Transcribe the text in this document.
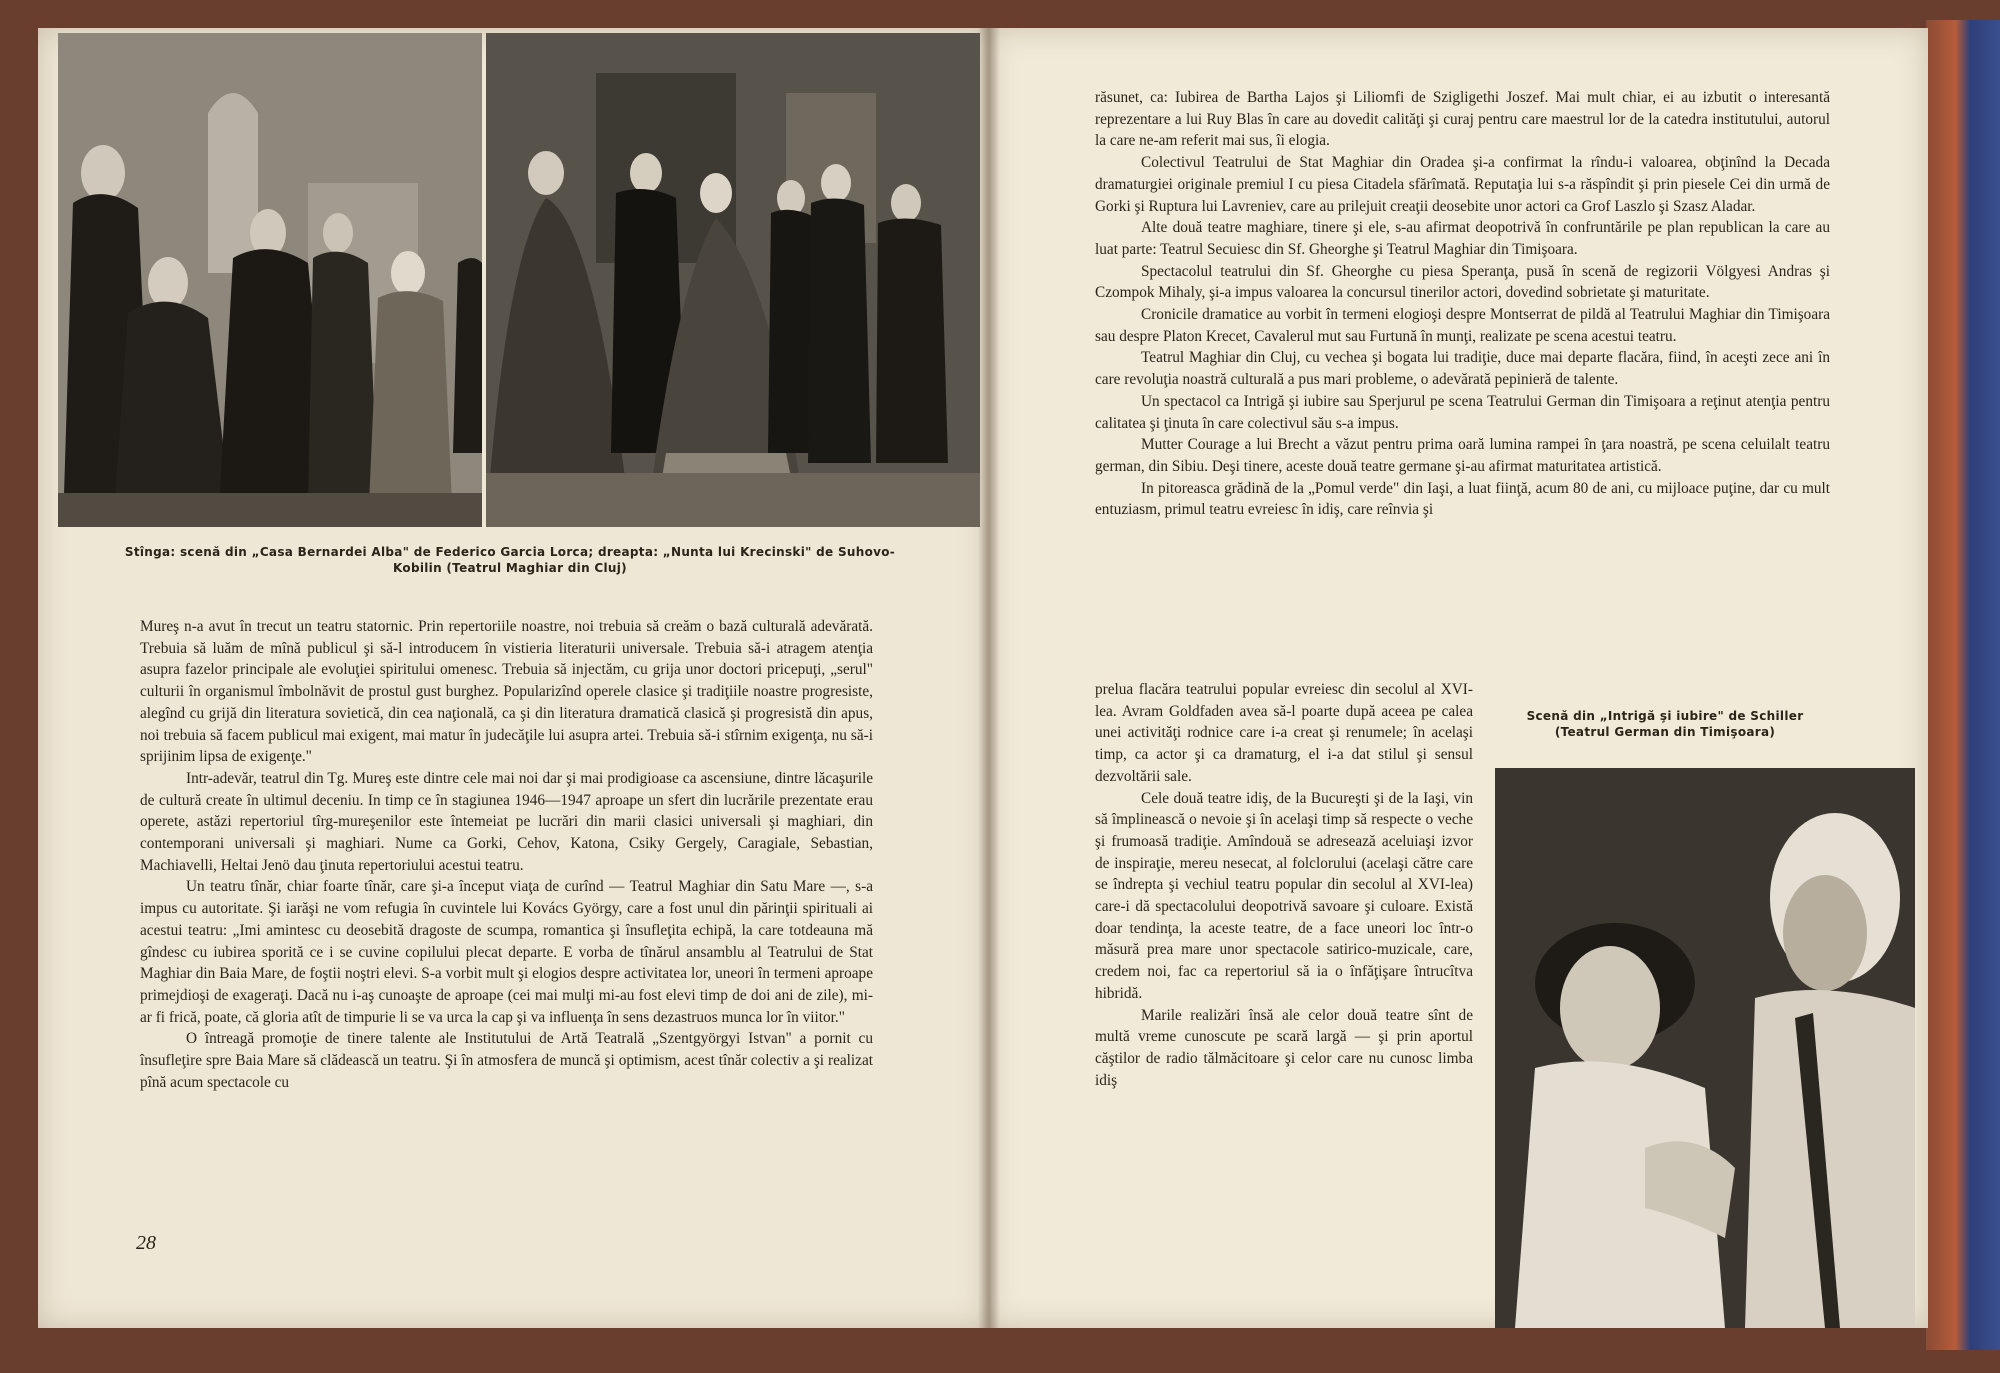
Stînga: scenă din „Casa Bernardei Alba" de Federico Garcia Lorca; dreapta: „Nunta lui Krecinski" de Suhovo-Kobilin (Teatrul Maghiar din Cluj)

Mureş n-a avut în trecut un teatru statornic. Prin repertoriile noastre, noi trebuia să creăm o bază culturală adevărată. Trebuia să luăm de mînă publicul şi să-l introducem în vistieria literaturii universale. Trebuia să-i atragem atenţia asupra fazelor principale ale evoluţiei spiritului omenesc. Trebuia să injectăm, cu grija unor doctori pricepuţi, „serul" culturii în organismul îmbolnăvit de prostul gust burghez. Popularizînd operele clasice şi tradiţiile noastre progresiste, alegînd cu grijă din literatura sovietică, din cea naţională, ca şi din literatura dramatică clasică şi progresistă din apus, noi trebuia să facem publicul mai exigent, mai matur în judecăţile lui asupra artei. Trebuia să-i stîrnim exigenţa, nu să-i sprijinim lipsa de exigenţe."

Intr-adevăr, teatrul din Tg. Mureş este dintre cele mai noi dar şi mai prodigioase ca ascensiune, dintre lăcaşurile de cultură create în ultimul deceniu. In timp ce în stagiunea 1946—1947 aproape un sfert din lucrările prezentate erau operete, astăzi repertoriul tîrg-mureşenilor este întemeiat pe lucrări din marii clasici universali şi maghiari, din contemporani universali şi maghiari. Nume ca Gorki, Cehov, Katona, Csiky Gergely, Caragiale, Sebastian, Machiavelli, Heltai Jenö dau ţinuta repertoriului acestui teatru.

Un teatru tînăr, chiar foarte tînăr, care şi-a început viaţa de curînd — Teatrul Maghiar din Satu Mare —, s-a impus cu autoritate. Şi iarăşi ne vom refugia în cuvintele lui Kovács György, care a fost unul din părinţii spirituali ai acestui teatru: „Imi amintesc cu deosebită dragoste de scumpa, romantica şi însufleţita echipă, la care totdeauna mă gîndesc cu iubirea sporită ce i se cuvine copilului plecat departe. E vorba de tînărul ansamblu al Teatrului de Stat Maghiar din Baia Mare, de foştii noştri elevi. S-a vorbit mult şi elogios despre activitatea lor, uneori în termeni aproape primejdioşi de exageraţi. Dacă nu i-aş cunoaşte de aproape (cei mai mulţi mi-au fost elevi timp de doi ani de zile), mi-ar fi frică, poate, că gloria atît de timpurie li se va urca la cap şi va influenţa în sens dezastruos munca lor în viitor."

O întreagă promoţie de tinere talente ale Institutului de Artă Teatrală „Szentgyörgyi Istvan" a pornit cu însufleţire spre Baia Mare să clădească un teatru. Şi în atmosfera de muncă şi optimism, acest tînăr colectiv a şi realizat pînă acum spectacole cu

28

răsunet, ca: Iubirea de Bartha Lajos şi Liliomfi de Szigligethi Joszef. Mai mult chiar, ei au izbutit o interesantă reprezentare a lui Ruy Blas în care au dovedit calităţi şi curaj pentru care maestrul lor de la catedra institutului, autorul la care ne-am referit mai sus, îi elogia.

Colectivul Teatrului de Stat Maghiar din Oradea şi-a confirmat la rîndu-i valoarea, obţinînd la Decada dramaturgiei originale premiul I cu piesa Citadela sfărîmată. Reputaţia lui s-a răspîndit şi prin piesele Cei din urmă de Gorki şi Ruptura lui Lavreniev, care au prilejuit creaţii deosebite unor actori ca Grof Laszlo şi Szasz Aladar.

Alte două teatre maghiare, tinere şi ele, s-au afirmat deopotrivă în confruntările pe plan republican la care au luat parte: Teatrul Secuiesc din Sf. Gheorghe şi Teatrul Maghiar din Timişoara.

Spectacolul teatrului din Sf. Gheorghe cu piesa Speranţa, pusă în scenă de regizorii Völgyesi Andras şi Czompok Mihaly, şi-a impus valoarea la concursul tinerilor actori, dovedind sobrietate şi maturitate.

Cronicile dramatice au vorbit în termeni elogioşi despre Montserrat de pildă al Teatrului Maghiar din Timişoara sau despre Platon Krecet, Cavalerul mut sau Furtună în munţi, realizate pe scena acestui teatru.

Teatrul Maghiar din Cluj, cu vechea şi bogata lui tradiţie, duce mai departe flacăra, fiind, în aceşti zece ani în care revoluţia noastră culturală a pus mari probleme, o adevărată pepinieră de talente.

Un spectacol ca Intrigă şi iubire sau Sperjurul pe scena Teatrului German din Timişoara a reţinut atenţia pentru calitatea şi ţinuta în care colectivul său s-a impus.

Mutter Courage a lui Brecht a văzut pentru prima oară lumina rampei în ţara noastră, pe scena celuilalt teatru german, din Sibiu. Deşi tinere, aceste două teatre germane şi-au afirmat maturitatea artistică.

In pitoreasca grădină de la „Pomul verde" din Iaşi, a luat fiinţă, acum 80 de ani, cu mijloace puţine, dar cu mult entuziasm, primul teatru evreiesc în idiş, care reînvia şi

prelua flacăra teatrului popular evreiesc din secolul al XVI-lea. Avram Goldfaden avea să-l poarte după aceea pe calea unei activităţi rodnice care i-a creat şi renumele; în acelaşi timp, ca actor şi ca dramaturg, el i-a dat stilul şi sensul dezvoltării sale.

Cele două teatre idiş, de la Bucureşti şi de la Iaşi, vin să împlinească o nevoie şi în acelaşi timp să respecte o veche şi frumoasă tradiţie. Amîndouă se adresează aceluiaşi izvor de inspiraţie, mereu nesecat, al folclorului (acelaşi către care se îndrepta şi vechiul teatru popular din secolul al XVI-lea) care-i dă spectacolului deopotrivă savoare şi culoare. Există doar tendinţa, la aceste teatre, de a face uneori loc într-o măsură prea mare unor spectacole satirico-muzicale, care, credem noi, fac ca repertoriul să ia o înfăţişare întrucîtva hibridă.

Marile realizări însă ale celor două teatre sînt de multă vreme cunoscute pe scară largă — şi prin aportul căştilor de radio tălmăcitoare şi celor care nu cunosc limba idiş

Scenă din „Intrigă şi iubire" de Schiller (Teatrul German din Timişoara)
